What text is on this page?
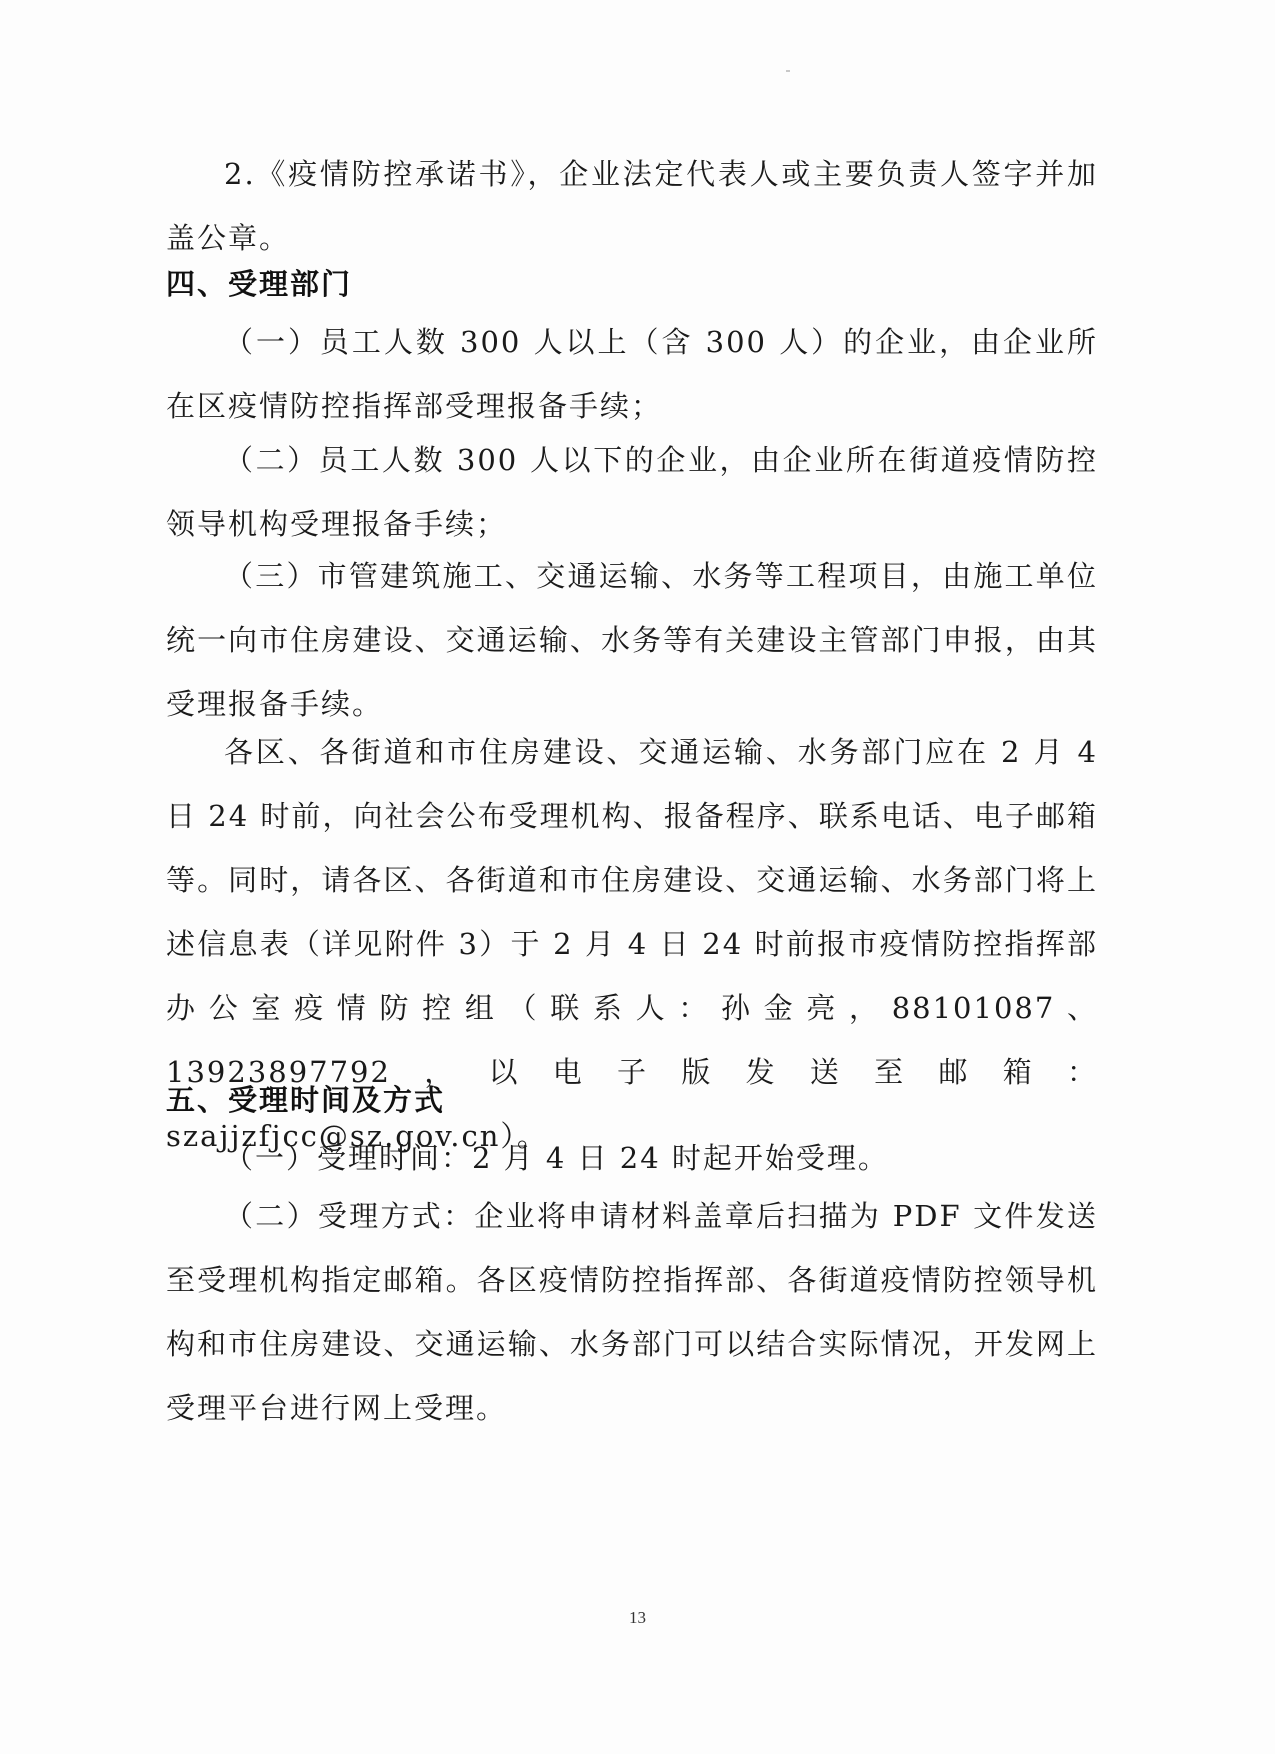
2.《疫情防控承诺书》，企业法定代表人或主要负责人签字并加盖公章。

四、受理部门

（一）员工人数 300 人以上（含 300 人）的企业，由企业所在区疫情防控指挥部受理报备手续；

（二）员工人数 300 人以下的企业，由企业所在街道疫情防控领导机构受理报备手续；

（三）市管建筑施工、交通运输、水务等工程项目，由施工单位统一向市住房建设、交通运输、水务等有关建设主管部门申报，由其受理报备手续。

各区、各街道和市住房建设、交通运输、水务部门应在 2 月 4 日 24 时前，向社会公布受理机构、报备程序、联系电话、电子邮箱等。同时，请各区、各街道和市住房建设、交通运输、水务部门将上述信息表（详见附件 3）于 2 月 4 日 24 时前报市疫情防控指挥部办公室疫情防控组（联系人：孙金亮，88101087、13923897792，以电子版发送至邮箱：szajjzfjcc@sz.gov.cn）。

五、受理时间及方式

（一）受理时间：2 月 4 日 24 时起开始受理。

（二）受理方式：企业将申请材料盖章后扫描为 PDF 文件发送至受理机构指定邮箱。各区疫情防控指挥部、各街道疫情防控领导机构和市住房建设、交通运输、水务部门可以结合实际情况，开发网上受理平台进行网上受理。

13
